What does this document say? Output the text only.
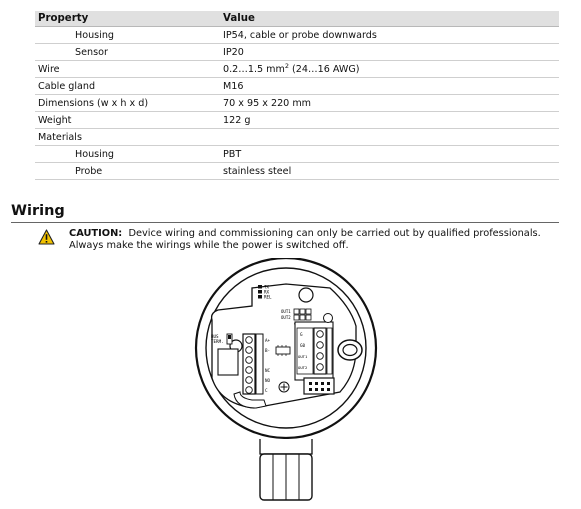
Property	Value
Housing	IP54, cable or probe downwards
Sensor	IP20
Wire	0.2…1.5 $mm^2$ (24…16 AWG)
Cable gland	M16
Dimensions (w x h x d)	70 x 95 x 220 mm
Weight	122 g
Materials	
Housing	PBT
Probe	stainless steel
Wiring

CAUTION: Device wiring and commissioning can only be carried out by qualified professionals.
Always make the wirings while the power is switched off.

TX
RX
REL
OUT1
OUT2
BUS
TERM.	A+
B-
NC
NO
C
G
G0
OUT1
OUT2
